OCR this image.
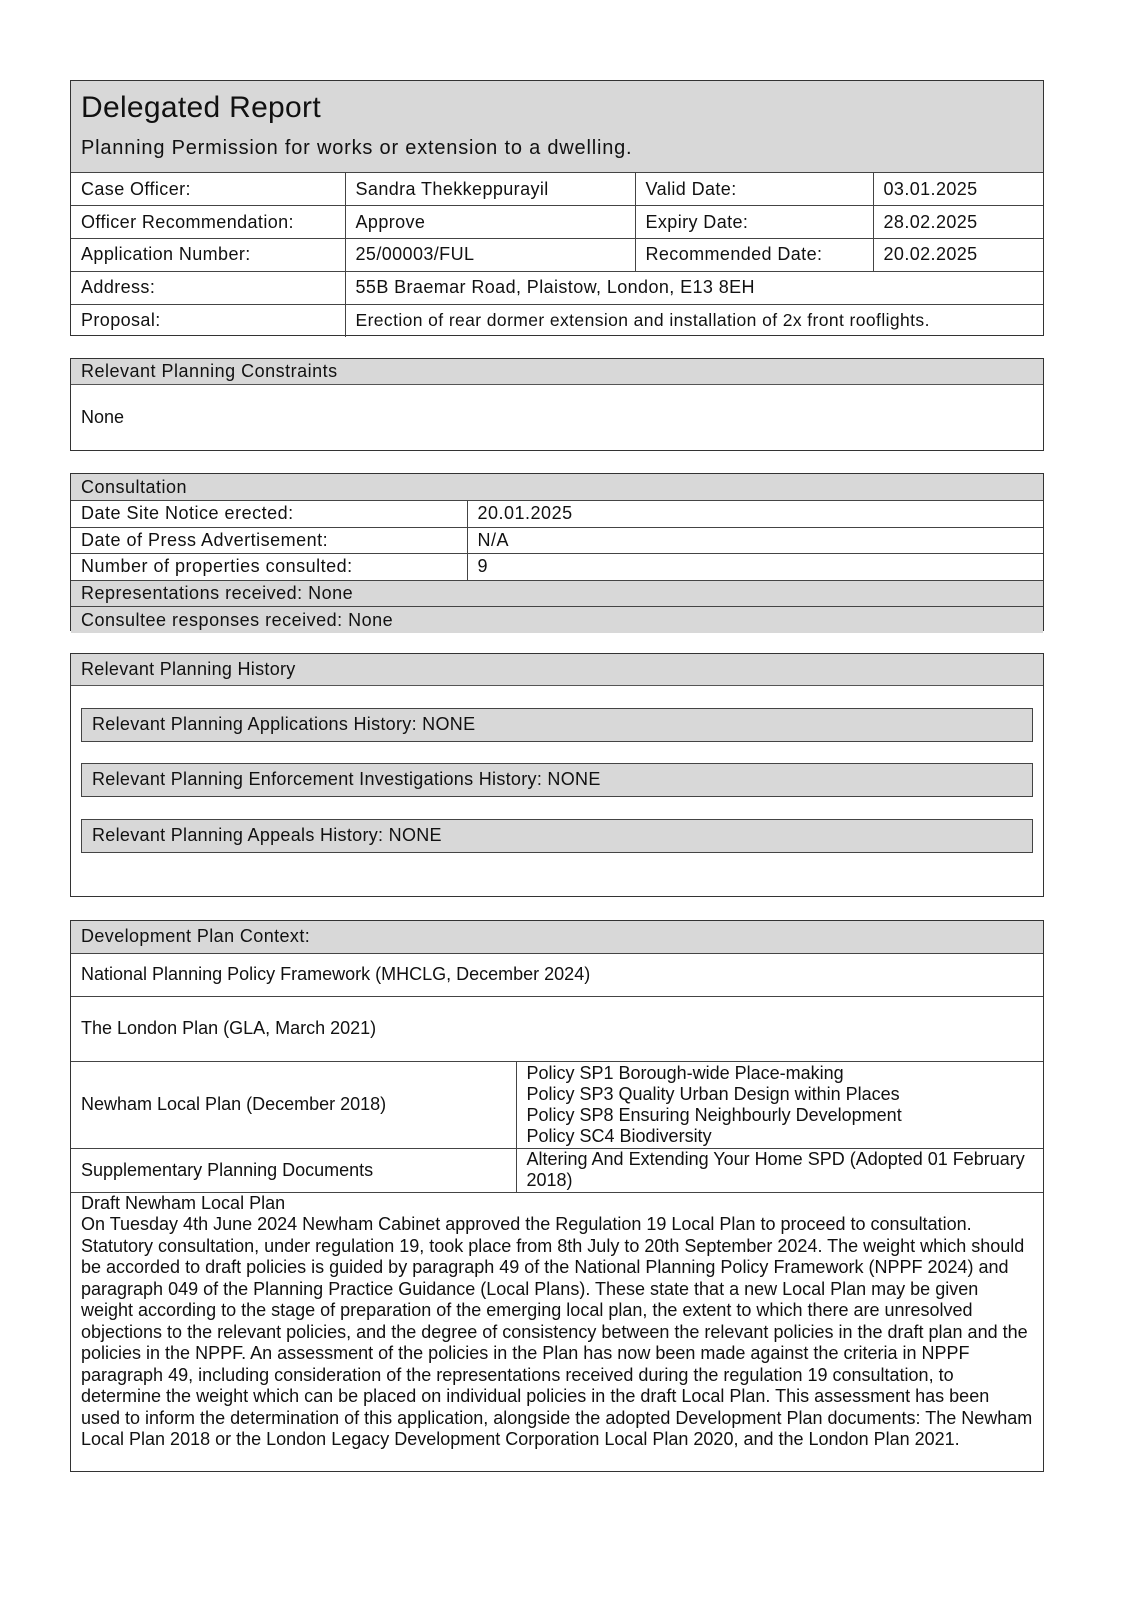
Delegated Report
Planning Permission for works or extension to a dwelling.
Case Officer:	Sandra Thekkeppurayil	Valid Date:	03.01.2025
Officer Recommendation:	Approve	Expiry Date:	28.02.2025
Application Number:	25/00003/FUL	Recommended Date:	20.02.2025
Address:	55B Braemar Road, Plaistow, London, E13 8EH		
Proposal:	Erection of rear dormer extension and installation of 2x front rooflights.		
Relevant Planning Constraints
None
Consultation	
Date Site Notice erected:	20.01.2025
Date of Press Advertisement:	N/A
Number of properties consulted:	9
Representations received: None	
Consultee responses received: None	
Relevant Planning History
Relevant Planning Applications History: NONE
Relevant Planning Enforcement Investigations History: NONE
Relevant Planning Appeals History: NONE
Development Plan Context:	
National Planning Policy Framework (MHCLG, December 2024)	
The London Plan (GLA, March 2021)	
Newham Local Plan (December 2018)	Policy SP1 Borough-wide Place-making
Policy SP3 Quality Urban Design within Places
Policy SP8 Ensuring Neighbourly Development
Policy SC4 Biodiversity

Supplementary Planning Documents	Altering And Extending Your Home SPD (Adopted 01 February 2018)

Draft Newham Local Plan
On Tuesday 4th June 2024 Newham Cabinet approved the Regulation 19 Local Plan to proceed to consultation. Statutory consultation, under regulation 19, took place from 8th July to 20th September 2024. The weight which should be accorded to draft policies is guided by paragraph 49 of the National Planning Policy Framework (NPPF 2024) and paragraph 049 of the Planning Practice Guidance (Local Plans). These state that a new Local Plan may be given weight according to the stage of preparation of the emerging local plan, the extent to which there are unresolved objections to the relevant policies, and the degree of consistency between the relevant policies in the draft plan and the policies in the NPPF. An assessment of the policies in the Plan has now been made against the criteria in NPPF paragraph 49, including consideration of the representations received during the regulation 19 consultation, to determine the weight which can be placed on individual policies in the draft Local Plan. This assessment has been used to inform the determination of this application, alongside the adopted Development Plan documents: The Newham Local Plan 2018 or the London Legacy Development Corporation Local Plan 2020, and the London Plan 2021.	
